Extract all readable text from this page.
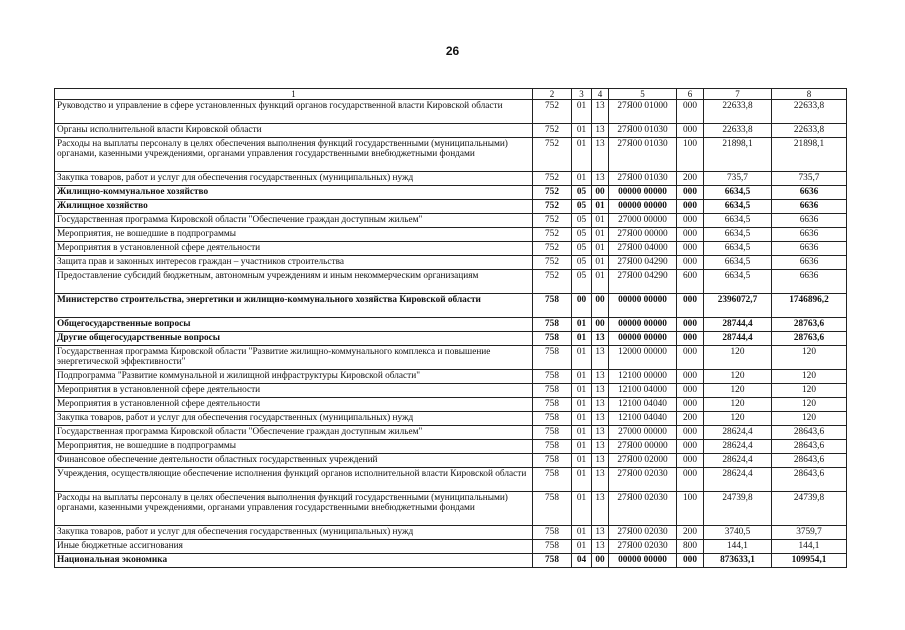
26
1	2	3	4	5	6	7	8
Руководство и управление в сфере установленных функций органов государственной власти Кировской области	752	01	13	27Я00 01000	000	22633,8	22633,8
Органы исполнительной власти Кировской области	752	01	13	27Я00 01030	000	22633,8	22633,8
Расходы на выплаты персоналу в целях обеспечения выполнения функций государственными (муниципальными) органами, казенными учреждениями, органами управления государственными внебюджетными фондами	752	01	13	27Я00 01030	100	21898,1	21898,1
Закупка товаров, работ и услуг для обеспечения государственных (муниципальных) нужд	752	01	13	27Я00 01030	200	735,7	735,7
Жилищно-коммунальное хозяйство	752	05	00	00000 00000	000	6634,5	6636
Жилищное хозяйство	752	05	01	00000 00000	000	6634,5	6636
Государственная программа Кировской области "Обеспечение граждан доступным жильем"	752	05	01	27000 00000	000	6634,5	6636
Мероприятия, не вошедшие в подпрограммы	752	05	01	27Я00 00000	000	6634,5	6636
Мероприятия в установленной сфере деятельности	752	05	01	27Я00 04000	000	6634,5	6636
Защита прав и законных интересов граждан – участников строительства	752	05	01	27Я00 04290	000	6634,5	6636
Предоставление субсидий бюджетным, автономным учреждениям и иным некоммерческим организациям	752	05	01	27Я00 04290	600	6634,5	6636
Министерство строительства, энергетики и жилищно-коммунального хозяйства Кировской области	758	00	00	00000 00000	000	2396072,7	1746896,2
Общегосударственные вопросы	758	01	00	00000 00000	000	28744,4	28763,6
Другие общегосударственные вопросы	758	01	13	00000 00000	000	28744,4	28763,6
Государственная программа Кировской области "Развитие жилищно-коммунального комплекса и повышение энергетической эффективности"	758	01	13	12000 00000	000	120	120
Подпрограмма "Развитие коммунальной и жилищной инфраструктуры Кировской области"	758	01	13	12100 00000	000	120	120
Мероприятия в установленной сфере деятельности	758	01	13	12100 04000	000	120	120
Мероприятия в установленной сфере деятельности	758	01	13	12100 04040	000	120	120
Закупка товаров, работ и услуг для обеспечения государственных (муниципальных) нужд	758	01	13	12100 04040	200	120	120
Государственная программа Кировской области "Обеспечение граждан доступным жильем"	758	01	13	27000 00000	000	28624,4	28643,6
Мероприятия, не вошедшие в подпрограммы	758	01	13	27Я00 00000	000	28624,4	28643,6
Финансовое обеспечение деятельности областных государственных учреждений	758	01	13	27Я00 02000	000	28624,4	28643,6
Учреждения, осуществляющие обеспечение исполнения функций органов исполнительной власти Кировской области	758	01	13	27Я00 02030	000	28624,4	28643,6
Расходы на выплаты персоналу в целях обеспечения выполнения функций государственными (муниципальными) органами, казенными учреждениями, органами управления государственными внебюджетными фондами	758	01	13	27Я00 02030	100	24739,8	24739,8
Закупка товаров, работ и услуг для обеспечения государственных (муниципальных) нужд	758	01	13	27Я00 02030	200	3740,5	3759,7
Иные бюджетные ассигнования	758	01	13	27Я00 02030	800	144,1	144,1
Национальная экономика	758	04	00	00000 00000	000	873633,1	109954,1
